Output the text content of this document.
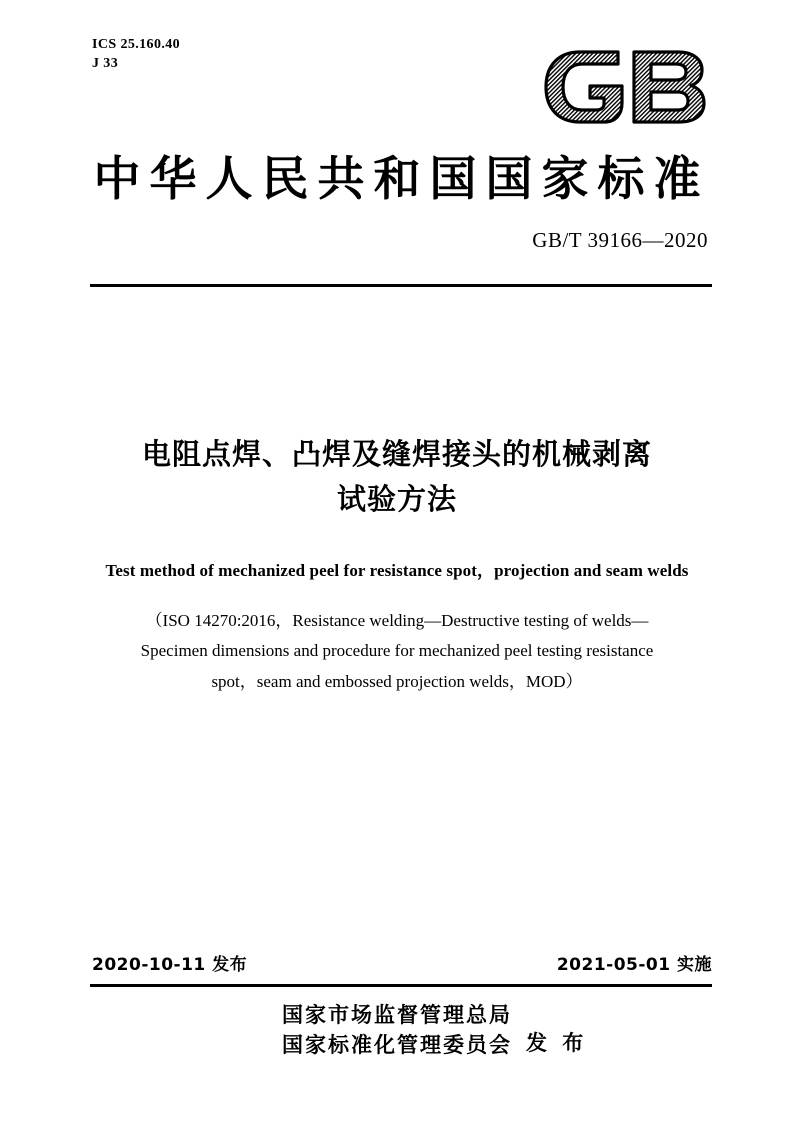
ICS 25.160.40
J 33
中华人民共和国国家标准
GB/T 39166—2020
电阻点焊、凸焊及缝焊接头的机械剥离
试验方法
Test method of mechanized peel for resistance spot，projection and seam welds
（ISO 14270:2016，Resistance welding—Destructive testing of welds—
Specimen dimensions and procedure for mechanized peel testing resistance
spot，seam and embossed projection welds，MOD）
2020-10-11 发布	2021-05-01 实施
国家市场监督管理总局
国家标准化管理委员会 发 布
